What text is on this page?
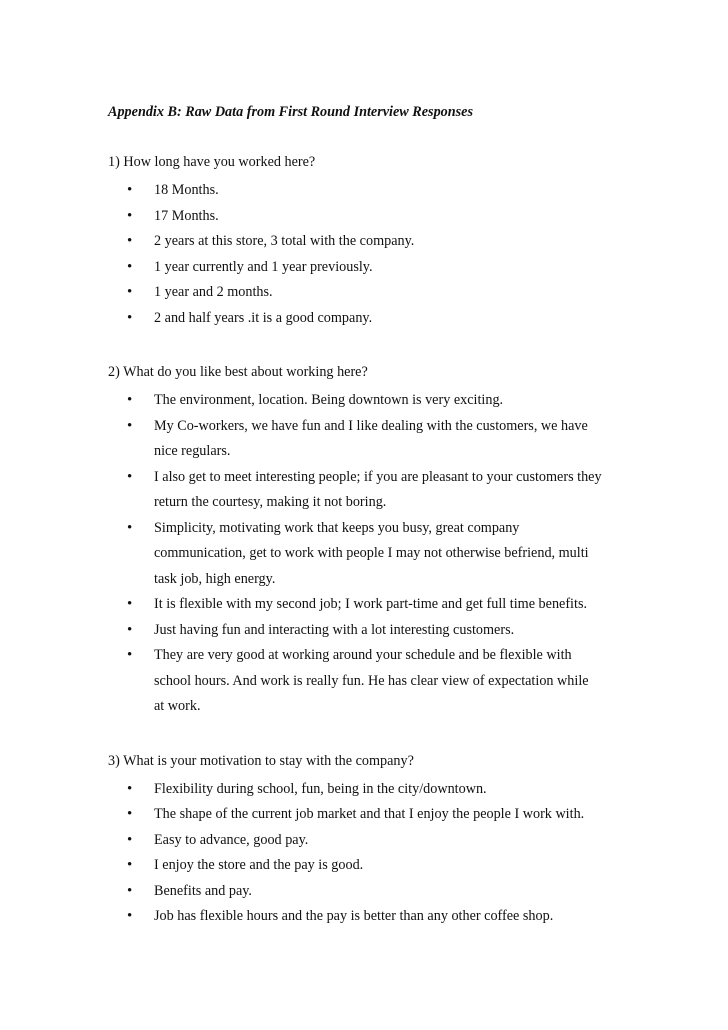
Appendix B: Raw Data from First Round Interview Responses

1) How long have you worked here?

• 18 Months.
• 17 Months.
• 2 years at this store, 3 total with the company.
• 1 year currently and 1 year previously.
• 1 year and 2 months.
• 2 and half years .it is a good company.

2) What do you like best about working here?

• The environment, location. Being downtown is very exciting.
• My Co-workers, we have fun and I like dealing with the customers, we have
nice regulars.
• I also get to meet interesting people; if you are pleasant to your customers they
return the courtesy, making it not boring.
• Simplicity, motivating work that keeps you busy, great company
communication, get to work with people I may not otherwise befriend, multi
task job, high energy.
• It is flexible with my second job; I work part-time and get full time benefits.
• Just having fun and interacting with a lot interesting customers.
• They are very good at working around your schedule and be flexible with
school hours. And work is really fun. He has clear view of expectation while
at work.

3) What is your motivation to stay with the company?

• Flexibility during school, fun, being in the city/downtown.
• The shape of the current job market and that I enjoy the people I work with.
• Easy to advance, good pay.
• I enjoy the store and the pay is good.
• Benefits and pay.
• Job has flexible hours and the pay is better than any other coffee shop.
